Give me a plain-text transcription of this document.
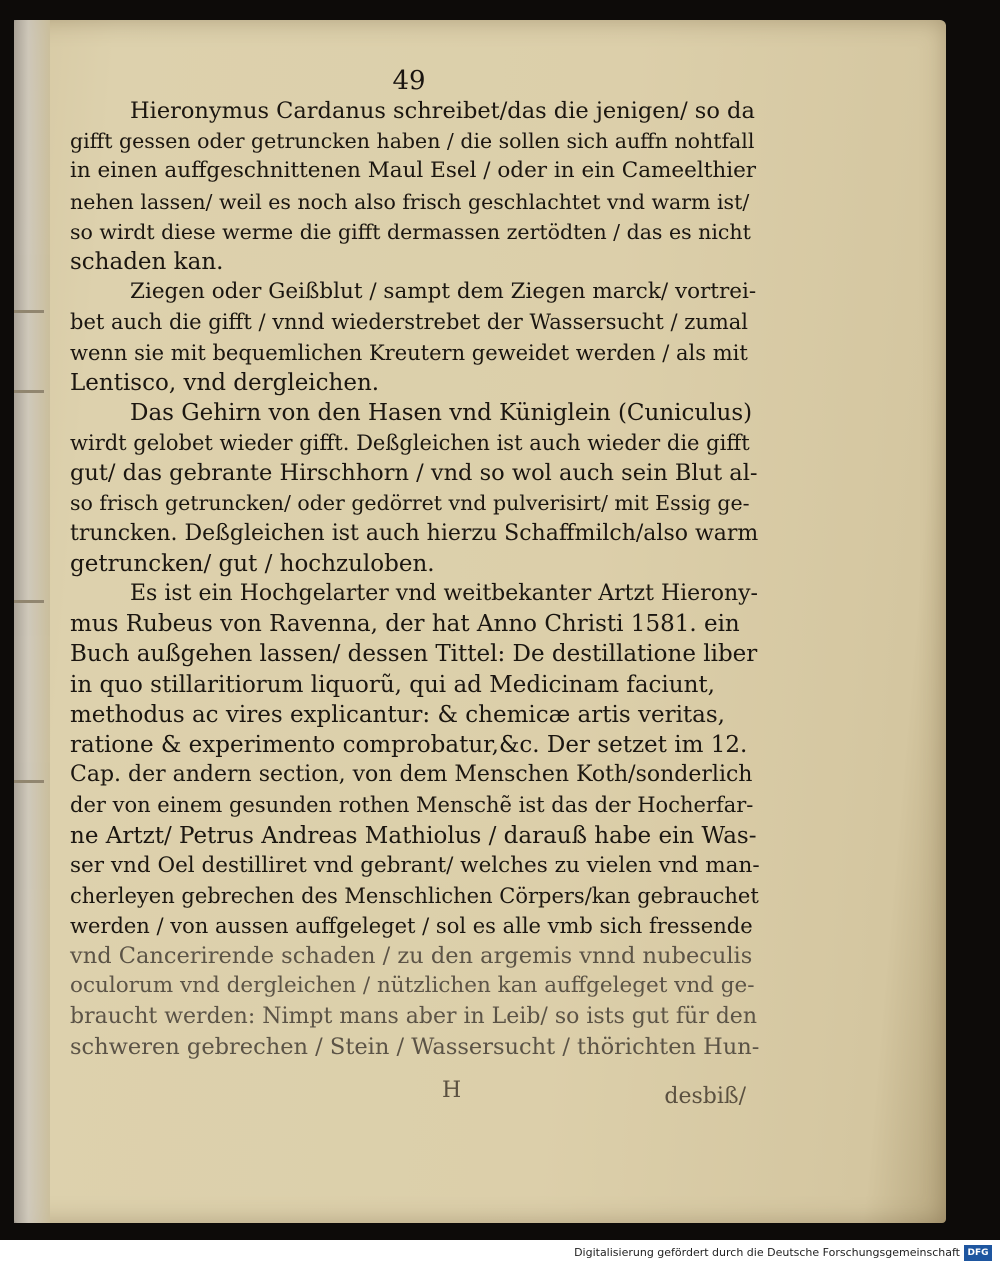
49
Hieronymus Cardanus schreibet/das die jenigen/ so da
gifft gessen oder getruncken haben / die sollen sich auffn nohtfall
in einen auffgeschnittenen Maul Esel / oder in ein Cameelthier
nehen lassen/ weil es noch also frisch geschlachtet vnd warm ist/
so wirdt diese werme die gifft dermassen zertödten / das es nicht
schaden kan.
Ziegen oder Geißblut / sampt dem Ziegen marck/ vortrei-
bet auch die gifft / vnnd wiederstrebet der Wassersucht / zumal
wenn sie mit bequemlichen Kreutern geweidet werden / als mit
Lentisco, vnd dergleichen.
Das Gehirn von den Hasen vnd Küniglein (Cuniculus)
wirdt gelobet wieder gifft. Deßgleichen ist auch wieder die gifft
gut/ das gebrante Hirschhorn / vnd so wol auch sein Blut al-
so frisch getruncken/ oder gedörret vnd pulverisirt/ mit Essig ge-
truncken. Deßgleichen ist auch hierzu Schaffmilch/also warm
getruncken/ gut / hochzuloben.
Es ist ein Hochgelarter vnd weitbekanter Artzt Hierony-
mus Rubeus von Ravenna, der hat Anno Christi 1581. ein
Buch außgehen lassen/ dessen Tittel: De destillatione liber
in quo stillaritiorum liquorũ, qui ad Medicinam faciunt,
methodus ac vires explicantur: & chemicæ artis veritas,
ratione & experimento comprobatur,&c. Der setzet im 12.
Cap. der andern section, von dem Menschen Koth/sonderlich
der von einem gesunden rothen Menschẽ ist das der Hocherfar-
ne Artzt/ Petrus Andreas Mathiolus / darauß habe ein Was-
ser vnd Oel destilliret vnd gebrant/ welches zu vielen vnd man-
cherleyen gebrechen des Menschlichen Cörpers/kan gebrauchet
werden / von aussen auffgeleget / sol es alle vmb sich fressende
vnd Cancerirende schaden / zu den argemis vnnd nubeculis
oculorum vnd dergleichen / nützlichen kan auffgeleget vnd ge-
braucht werden: Nimpt mans aber in Leib/ so ists gut für den
schweren gebrechen / Stein / Wassersucht / thörichten Hun-
H	desbiß/
Digitalisierung gefördert durch die Deutsche Forschungsgemeinschaft DFG
